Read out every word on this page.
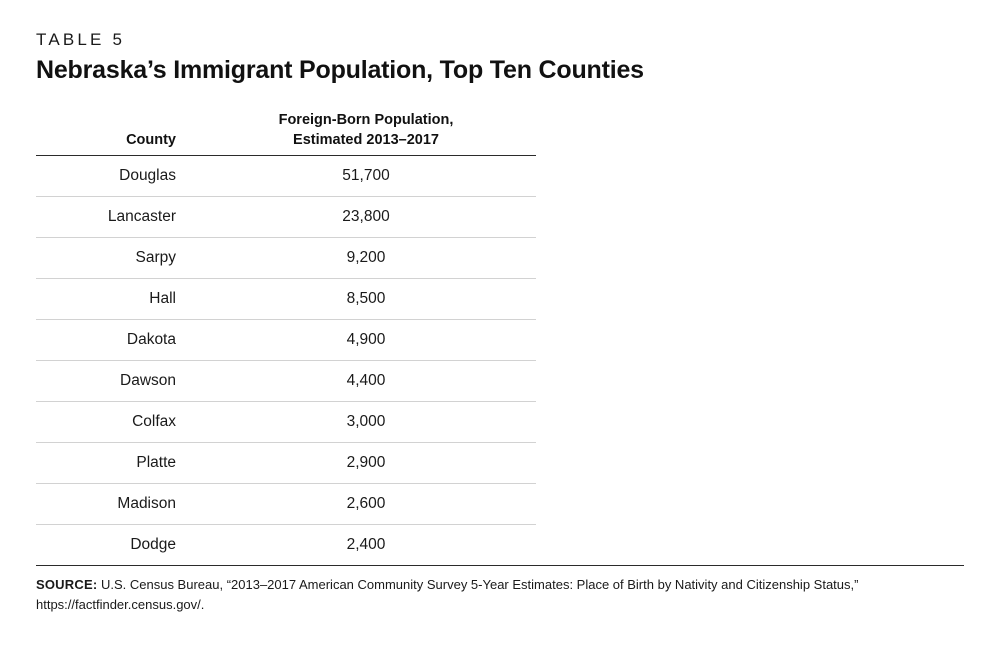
TABLE 5
Nebraska’s Immigrant Population, Top Ten Counties
County	Foreign-Born Population,
Estimated 2013–2017

Douglas	51,700
Lancaster	23,800
Sarpy	9,200
Hall	8,500
Dakota	4,900
Dawson	4,400
Colfax	3,000
Platte	2,900
Madison	2,600
Dodge	2,400
SOURCE: U.S. Census Bureau, “2013–2017 American Community Survey 5-Year Estimates: Place of Birth by Nativity and Citizenship Status,”
https://factfinder.census.gov/.
